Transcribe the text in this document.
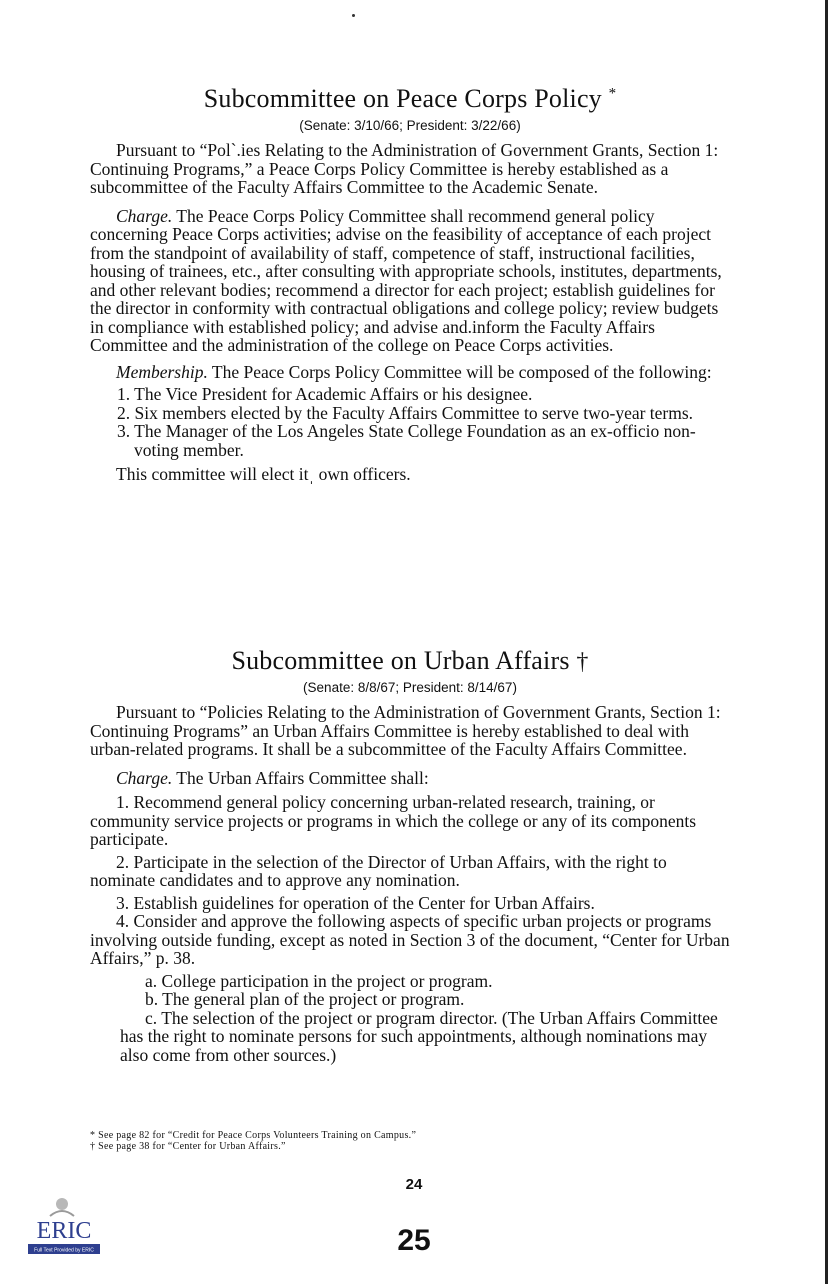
Subcommittee on Peace Corps Policy *
(Senate: 3/10/66; President: 3/22/66)

Pursuant to “Polˋ.ies Relating to the Administration of Government Grants, Section 1: Continuing Programs,” a Peace Corps Policy Committee is hereby established as a subcommittee of the Faculty Affairs Committee to the Academic Senate.

Charge. The Peace Corps Policy Committee shall recommend general policy concerning Peace Corps activities; advise on the feasibility of acceptance of each project from the standpoint of availability of staff, competence of staff, instructional facilities, housing of trainees, etc., after consulting with appropriate schools, institutes, departments, and other relevant bodies; recommend a director for each project; establish guidelines for the director in conformity with contractual obligations and college policy; review budgets in compliance with established policy; and advise and.inform the Faculty Affairs Committee and the administration of the college on Peace Corps activities.

Membership. The Peace Corps Policy Committee will be composed of the following:

1. The Vice President for Academic Affairs or his designee.

2. Six members elected by the Faculty Affairs Committee to serve two-year terms.

3. The Manager of the Los Angeles State College Foundation as an ex-officio non-voting member.

This committee will elect itˌ own officers.

Subcommittee on Urban Affairs †
(Senate: 8/8/67; President: 8/14/67)

Pursuant to “Policies Relating to the Administration of Government Grants, Section 1: Continuing Programs” an Urban Affairs Committee is hereby established to deal with urban-related programs. It shall be a subcommittee of the Faculty Affairs Committee.

Charge. The Urban Affairs Committee shall:

1. Recommend general policy concerning urban-related research, training, or community service projects or programs in which the college or any of its components participate.

2. Participate in the selection of the Director of Urban Affairs, with the right to nominate candidates and to approve any nomination.

3. Establish guidelines for operation of the Center for Urban Affairs.

4. Consider and approve the following aspects of specific urban projects or programs involving outside funding, except as noted in Section 3 of the document, “Center for Urban Affairs,” p. 38.

a. College participation in the project or program.

b. The general plan of the project or program.

c. The selection of the project or program director. (The Urban Affairs Committee has the right to nominate persons for such appointments, although nominations may also come from other sources.)

* See page 82 for “Credit for Peace Corps Volunteers Training on Campus.”

† See page 38 for “Center for Urban Affairs.”

24
25
ERIC
Full Text Provided by ERIC
